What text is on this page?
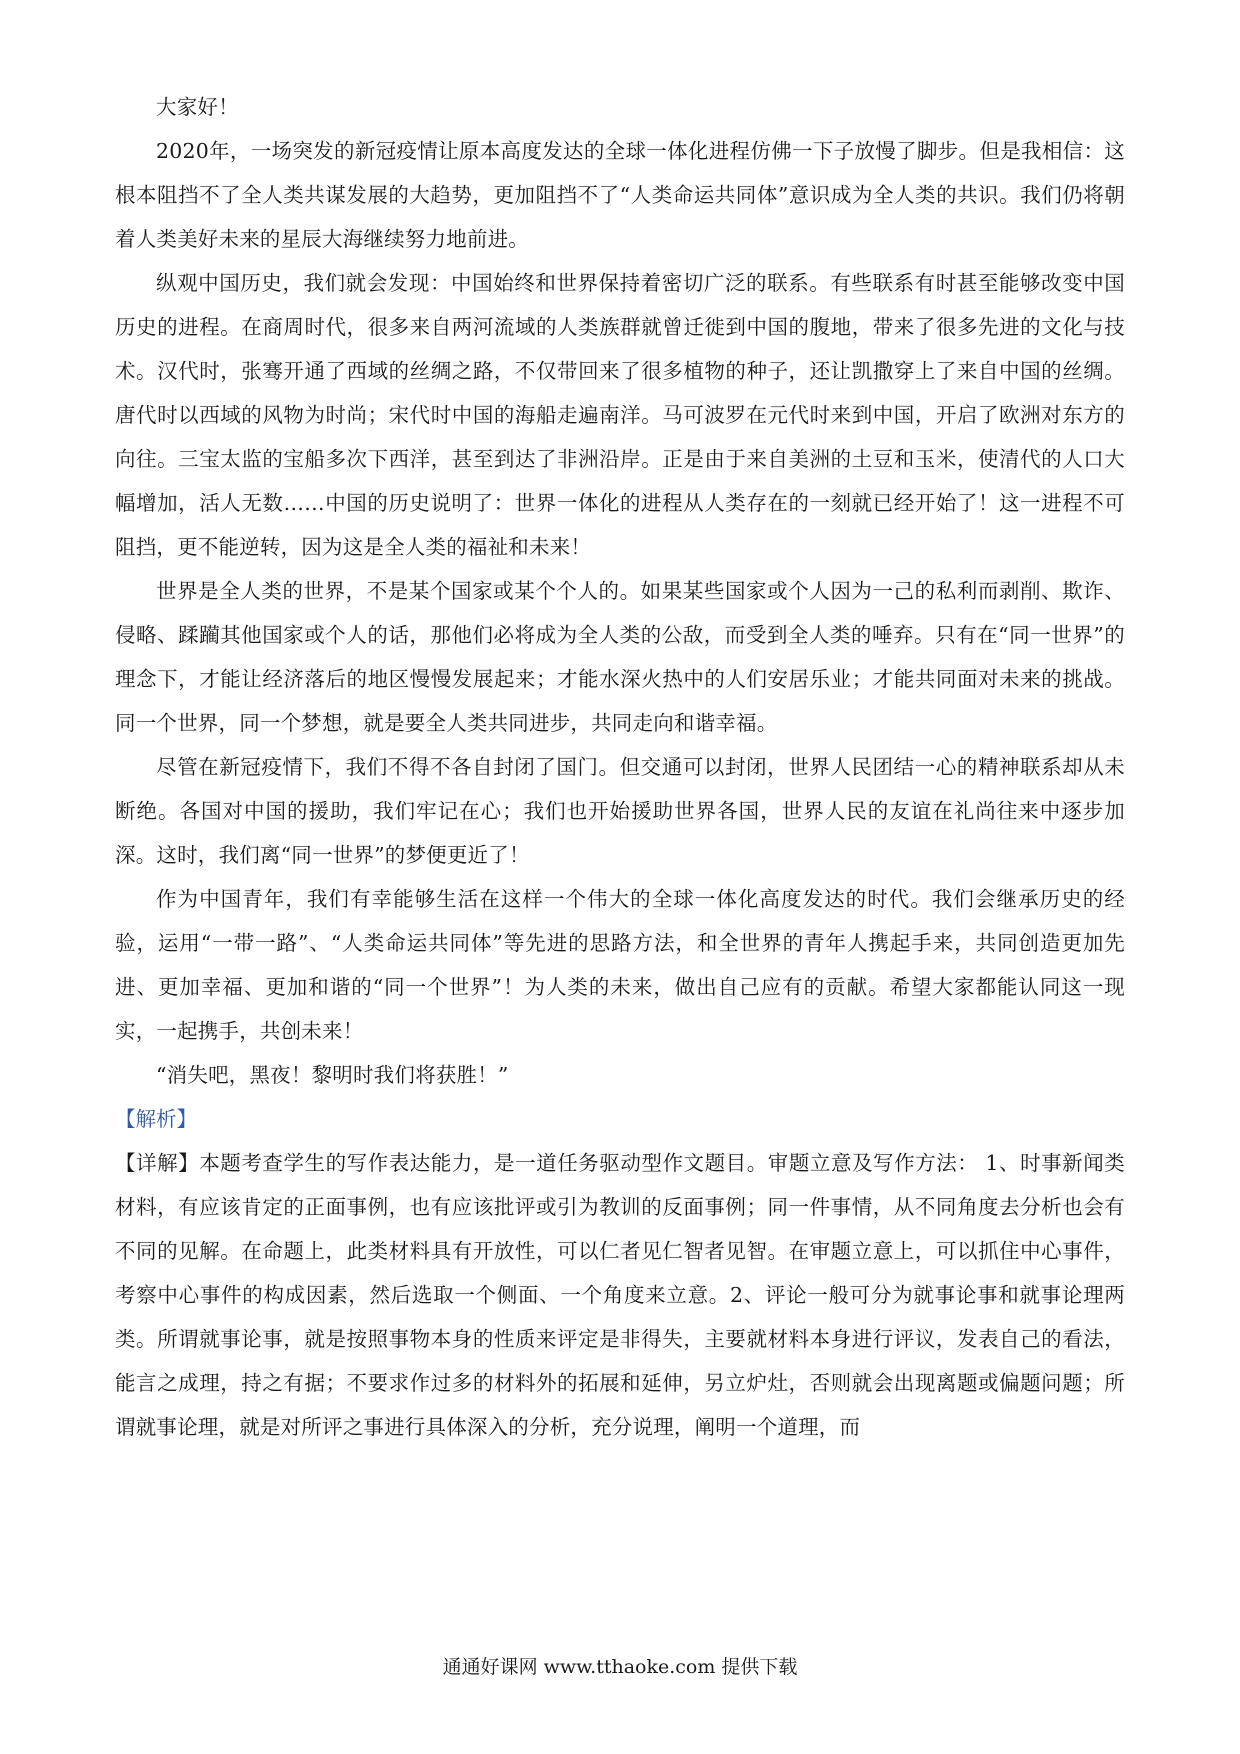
大家好！

2020年，一场突发的新冠疫情让原本高度发达的全球一体化进程仿佛一下子放慢了脚步。但是我相信：这根本阻挡不了全人类共谋发展的大趋势，更加阻挡不了“人类命运共同体”意识成为全人类的共识。我们仍将朝着人类美好未来的星辰大海继续努力地前进。

纵观中国历史，我们就会发现：中国始终和世界保持着密切广泛的联系。有些联系有时甚至能够改变中国历史的进程。在商周时代，很多来自两河流域的人类族群就曾迁徙到中国的腹地，带来了很多先进的文化与技术。汉代时，张骞开通了西域的丝绸之路，不仅带回来了很多植物的种子，还让凯撒穿上了来自中国的丝绸。唐代时以西域的风物为时尚；宋代时中国的海船走遍南洋。马可波罗在元代时来到中国，开启了欧洲对东方的向往。三宝太监的宝船多次下西洋，甚至到达了非洲沿岸。正是由于来自美洲的土豆和玉米，使清代的人口大幅增加，活人无数……中国的历史说明了：世界一体化的进程从人类存在的一刻就已经开始了！这一进程不可阻挡，更不能逆转，因为这是全人类的福祉和未来！

世界是全人类的世界，不是某个国家或某个个人的。如果某些国家或个人因为一己的私利而剥削、欺诈、侵略、蹂躏其他国家或个人的话，那他们必将成为全人类的公敌，而受到全人类的唾弃。只有在“同一世界”的理念下，才能让经济落后的地区慢慢发展起来；才能水深火热中的人们安居乐业；才能共同面对未来的挑战。同一个世界，同一个梦想，就是要全人类共同进步，共同走向和谐幸福。

尽管在新冠疫情下，我们不得不各自封闭了国门。但交通可以封闭，世界人民团结一心的精神联系却从未断绝。各国对中国的援助，我们牢记在心；我们也开始援助世界各国，世界人民的友谊在礼尚往来中逐步加深。这时，我们离“同一世界”的梦便更近了！

作为中国青年，我们有幸能够生活在这样一个伟大的全球一体化高度发达的时代。我们会继承历史的经验，运用“一带一路”、“人类命运共同体”等先进的思路方法，和全世界的青年人携起手来，共同创造更加先进、更加幸福、更加和谐的“同一个世界”！为人类的未来，做出自己应有的贡献。希望大家都能认同这一现实，一起携手，共创未来！

“消失吧，黑夜！黎明时我们将获胜！”

【解析】

【详解】本题考查学生的写作表达能力，是一道任务驱动型作文题目。审题立意及写作方法： 1、时事新闻类材料，有应该肯定的正面事例，也有应该批评或引为教训的反面事例；同一件事情，从不同角度去分析也会有不同的见解。在命题上，此类材料具有开放性，可以仁者见仁智者见智。在审题立意上，可以抓住中心事件，考察中心事件的构成因素，然后选取一个侧面、一个角度来立意。2、评论一般可分为就事论事和就事论理两类。所谓就事论事，就是按照事物本身的性质来评定是非得失，主要就材料本身进行评议，发表自己的看法，能言之成理，持之有据；不要求作过多的材料外的拓展和延伸，另立炉灶，否则就会出现离题或偏题问题；所谓就事论理，就是对所评之事进行具体深入的分析，充分说理，阐明一个道理，而

通通好课网 www.tthaoke.com 提供下载
